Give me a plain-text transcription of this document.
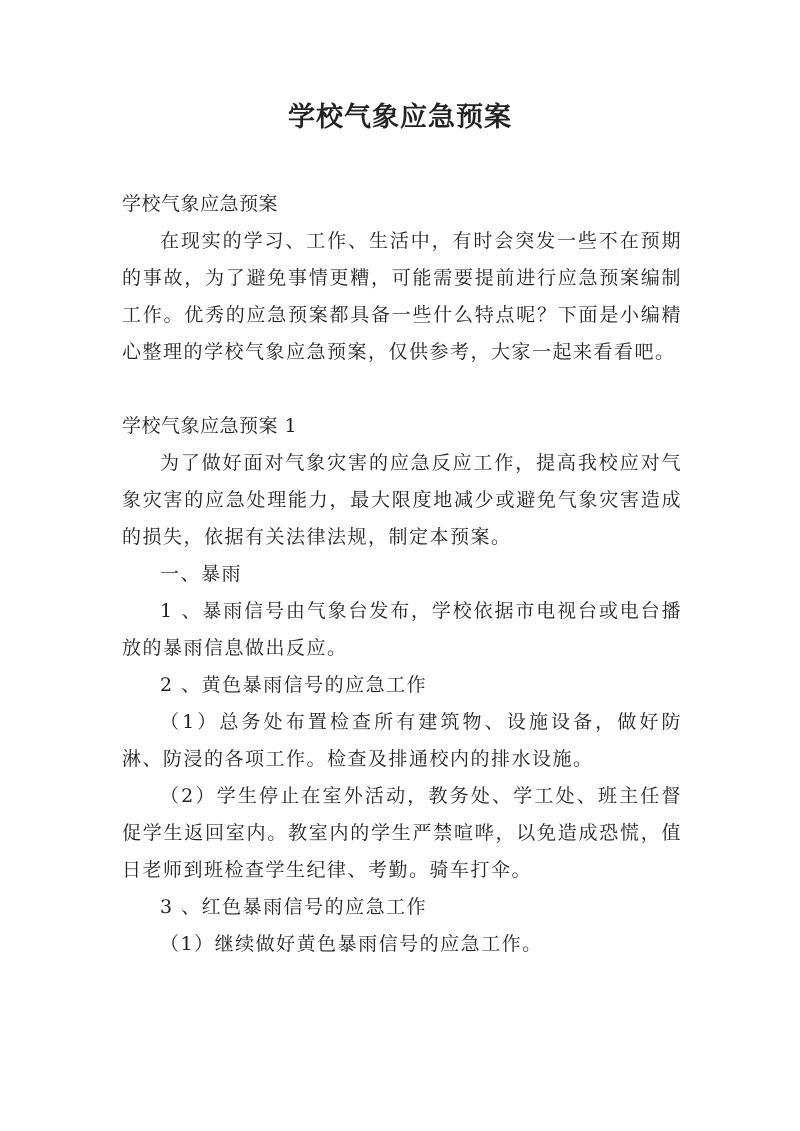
学校气象应急预案

学校气象应急预案

在现实的学习、工作、生活中，有时会突发一些不在预期的事故，为了避免事情更糟，可能需要提前进行应急预案编制工作。优秀的应急预案都具备一些什么特点呢？下面是小编精心整理的学校气象应急预案，仅供参考，大家一起来看看吧。

学校气象应急预案 1

为了做好面对气象灾害的应急反应工作，提高我校应对气象灾害的应急处理能力，最大限度地减少或避免气象灾害造成的损失，依据有关法律法规，制定本预案。

一、暴雨

1 、暴雨信号由气象台发布，学校依据市电视台或电台播放的暴雨信息做出反应。

2 、黄色暴雨信号的应急工作

（1）总务处布置检查所有建筑物、设施设备，做好防淋、防浸的各项工作。检查及排通校内的排水设施。

（2）学生停止在室外活动，教务处、学工处、班主任督促学生返回室内。教室内的学生严禁喧哗，以免造成恐慌，值日老师到班检查学生纪律、考勤。骑车打伞。

3 、红色暴雨信号的应急工作

（1）继续做好黄色暴雨信号的应急工作。
